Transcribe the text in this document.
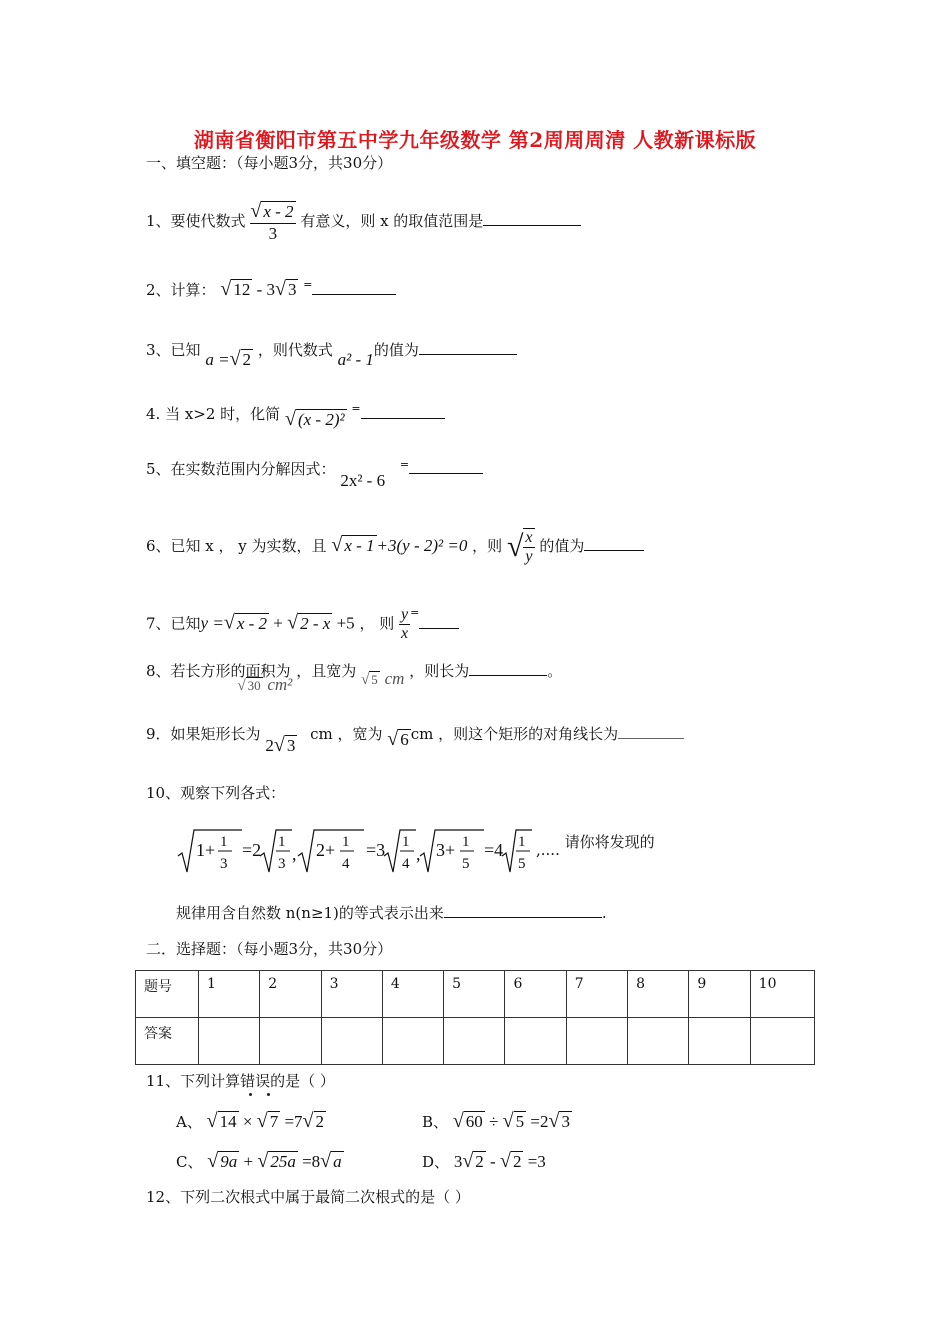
湖南省衡阳市第五中学九年级数学 第2周周周清 人教新课标版
一、填空题：（每小题3分，共30分）
1、要使代数式 $\frac{√ x - 2}{3}$ 有意义，则 x 的取值范围是
2、计算： √ 12 - 3√ 3 =
3、已知 a =√ 2 ，则代数式 a² - 1的值为
4. 当 x>2 时，化简 √ (x - 2)² =
5、在实数范围内分解因式： 2x² - 6 =
6、已知 x ， y 为实数，且 √ x - 1 +3(y - 2)² =0 ，则 √ $\frac{x}{y}$ 的值为
7、已知y =√ x - 2 + √ 2 - x +5 ， 则 $\frac{y}{x} ^=$
8、若长方形的面积为 √ 30 cm²，且宽为 √ 5 cm ，则长为	。
9．如果矩形长为 2√ 3 cm ，宽为 √ 6 cm ，则这个矩形的对角线长为
10、观察下列各式：
1+ 1
3
=2 1
3 , 2+ 1
4
=3 1
4 , 3+ 1
5
=4 1
5
,.... 请你将发现的
规律用含自然数 n(n≥1)的等式表示出来	.
二．选择题：（每小题3分，共30分）
题号	1	2	3	4	5	6	7	8	9	10
答案										
11、下列计算错误的是（ ）
A、 √ 14 × √ 7 =7√ 2	B、 √ 60 ÷ √ 5 =2√ 3
C、 √ 9a + √ 25a =8√ a	D、 3√ 2 - √ 2 =3
12、下列二次根式中属于最简二次根式的是（ ）
